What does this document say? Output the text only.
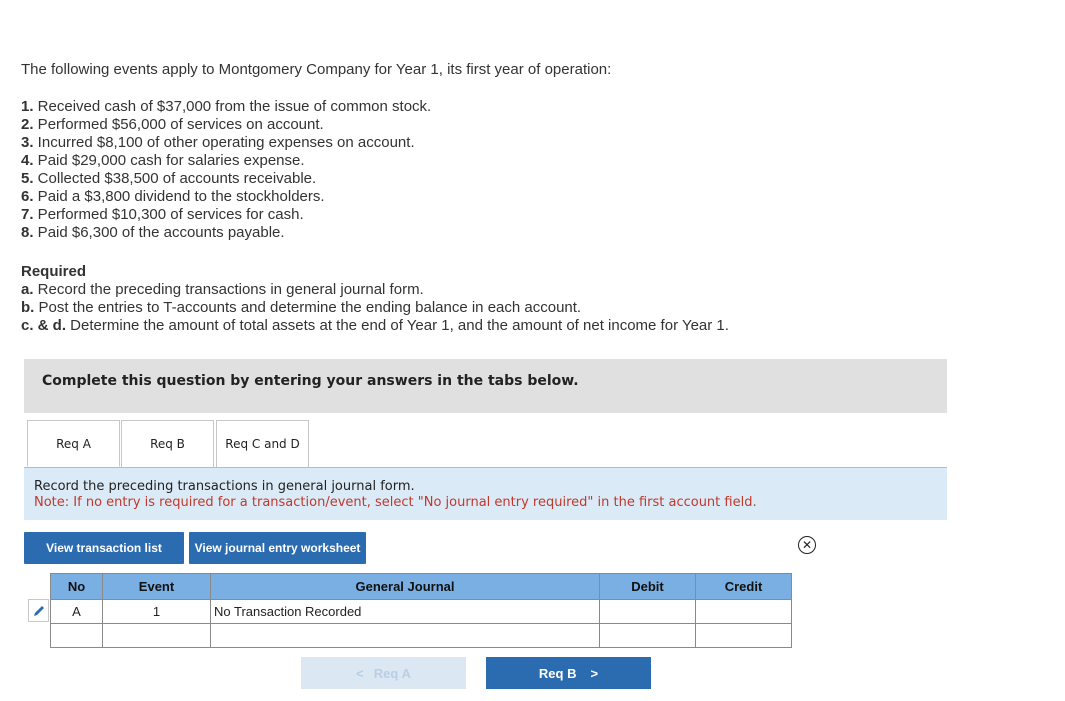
The following events apply to Montgomery Company for Year 1, its first year of operation:
1. Received cash of $37,000 from the issue of common stock.
2. Performed $56,000 of services on account.
3. Incurred $8,100 of other operating expenses on account.
4. Paid $29,000 cash for salaries expense.
5. Collected $38,500 of accounts receivable.
6. Paid a $3,800 dividend to the stockholders.
7. Performed $10,300 of services for cash.
8. Paid $6,300 of the accounts payable.
Required
a. Record the preceding transactions in general journal form.
b. Post the entries to T-accounts and determine the ending balance in each account.
c. & d. Determine the amount of total assets at the end of Year 1, and the amount of net income for Year 1.
Complete this question by entering your answers in the tabs below.
Req A	Req B	Req C and D
Record the preceding transactions in general journal form.
Note: If no entry is required for a transaction/event, select "No journal entry required" in the first account field.
View transaction list	View journal entry worksheet	✕
No	Event	General Journal	Debit	Credit
A	1	No Transaction Recorded		

< Req A	Req B >
